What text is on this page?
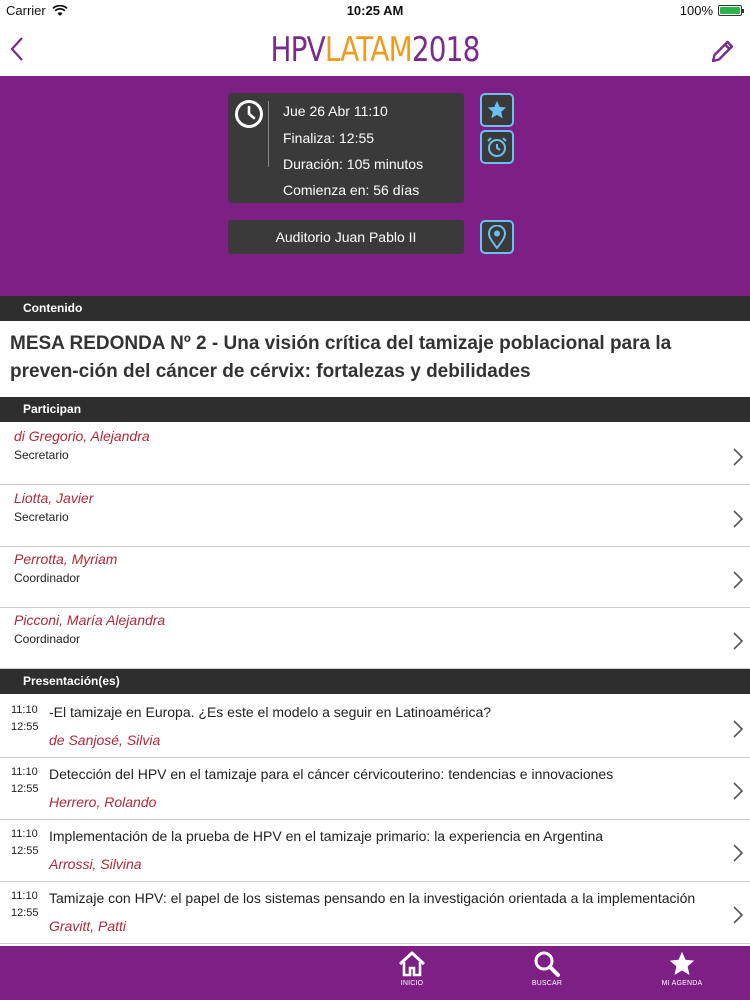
Carrier	10:25 AM	100%
HPVLATAM2018
Jue 26 Abr 11:10
Finaliza: 12:55
Duración: 105 minutos
Comienza en: 56 días
Auditorio Juan Pablo II
Contenido
MESA REDONDA Nº 2 - Una visión crítica del tamizaje poblacional para la preven-ción del cáncer de cérvix: fortalezas y debilidades
Participan
di Gregorio, Alejandra
Secretario
Liotta, Javier
Secretario
Perrotta, Myriam
Coordinador
Picconi, María Alejandra
Coordinador
Presentación(es)
11:10
12:55
-El tamizaje en Europa. ¿Es este el modelo a seguir en Latinoamérica?
de Sanjosé, Silvia
11:10
12:55
Detección del HPV en el tamizaje para el cáncer cérvicouterino: tendencias e innovaciones
Herrero, Rolando
11:10
12:55
Implementación de la prueba de HPV en el tamizaje primario: la experiencia en Argentina
Arrossi, Silvina
11:10
12:55
Tamizaje con HPV: el papel de los sistemas pensando en la investigación orientada a la implementación
Gravitt, Patti
INICIO	BUSCAR	MI AGENDA
